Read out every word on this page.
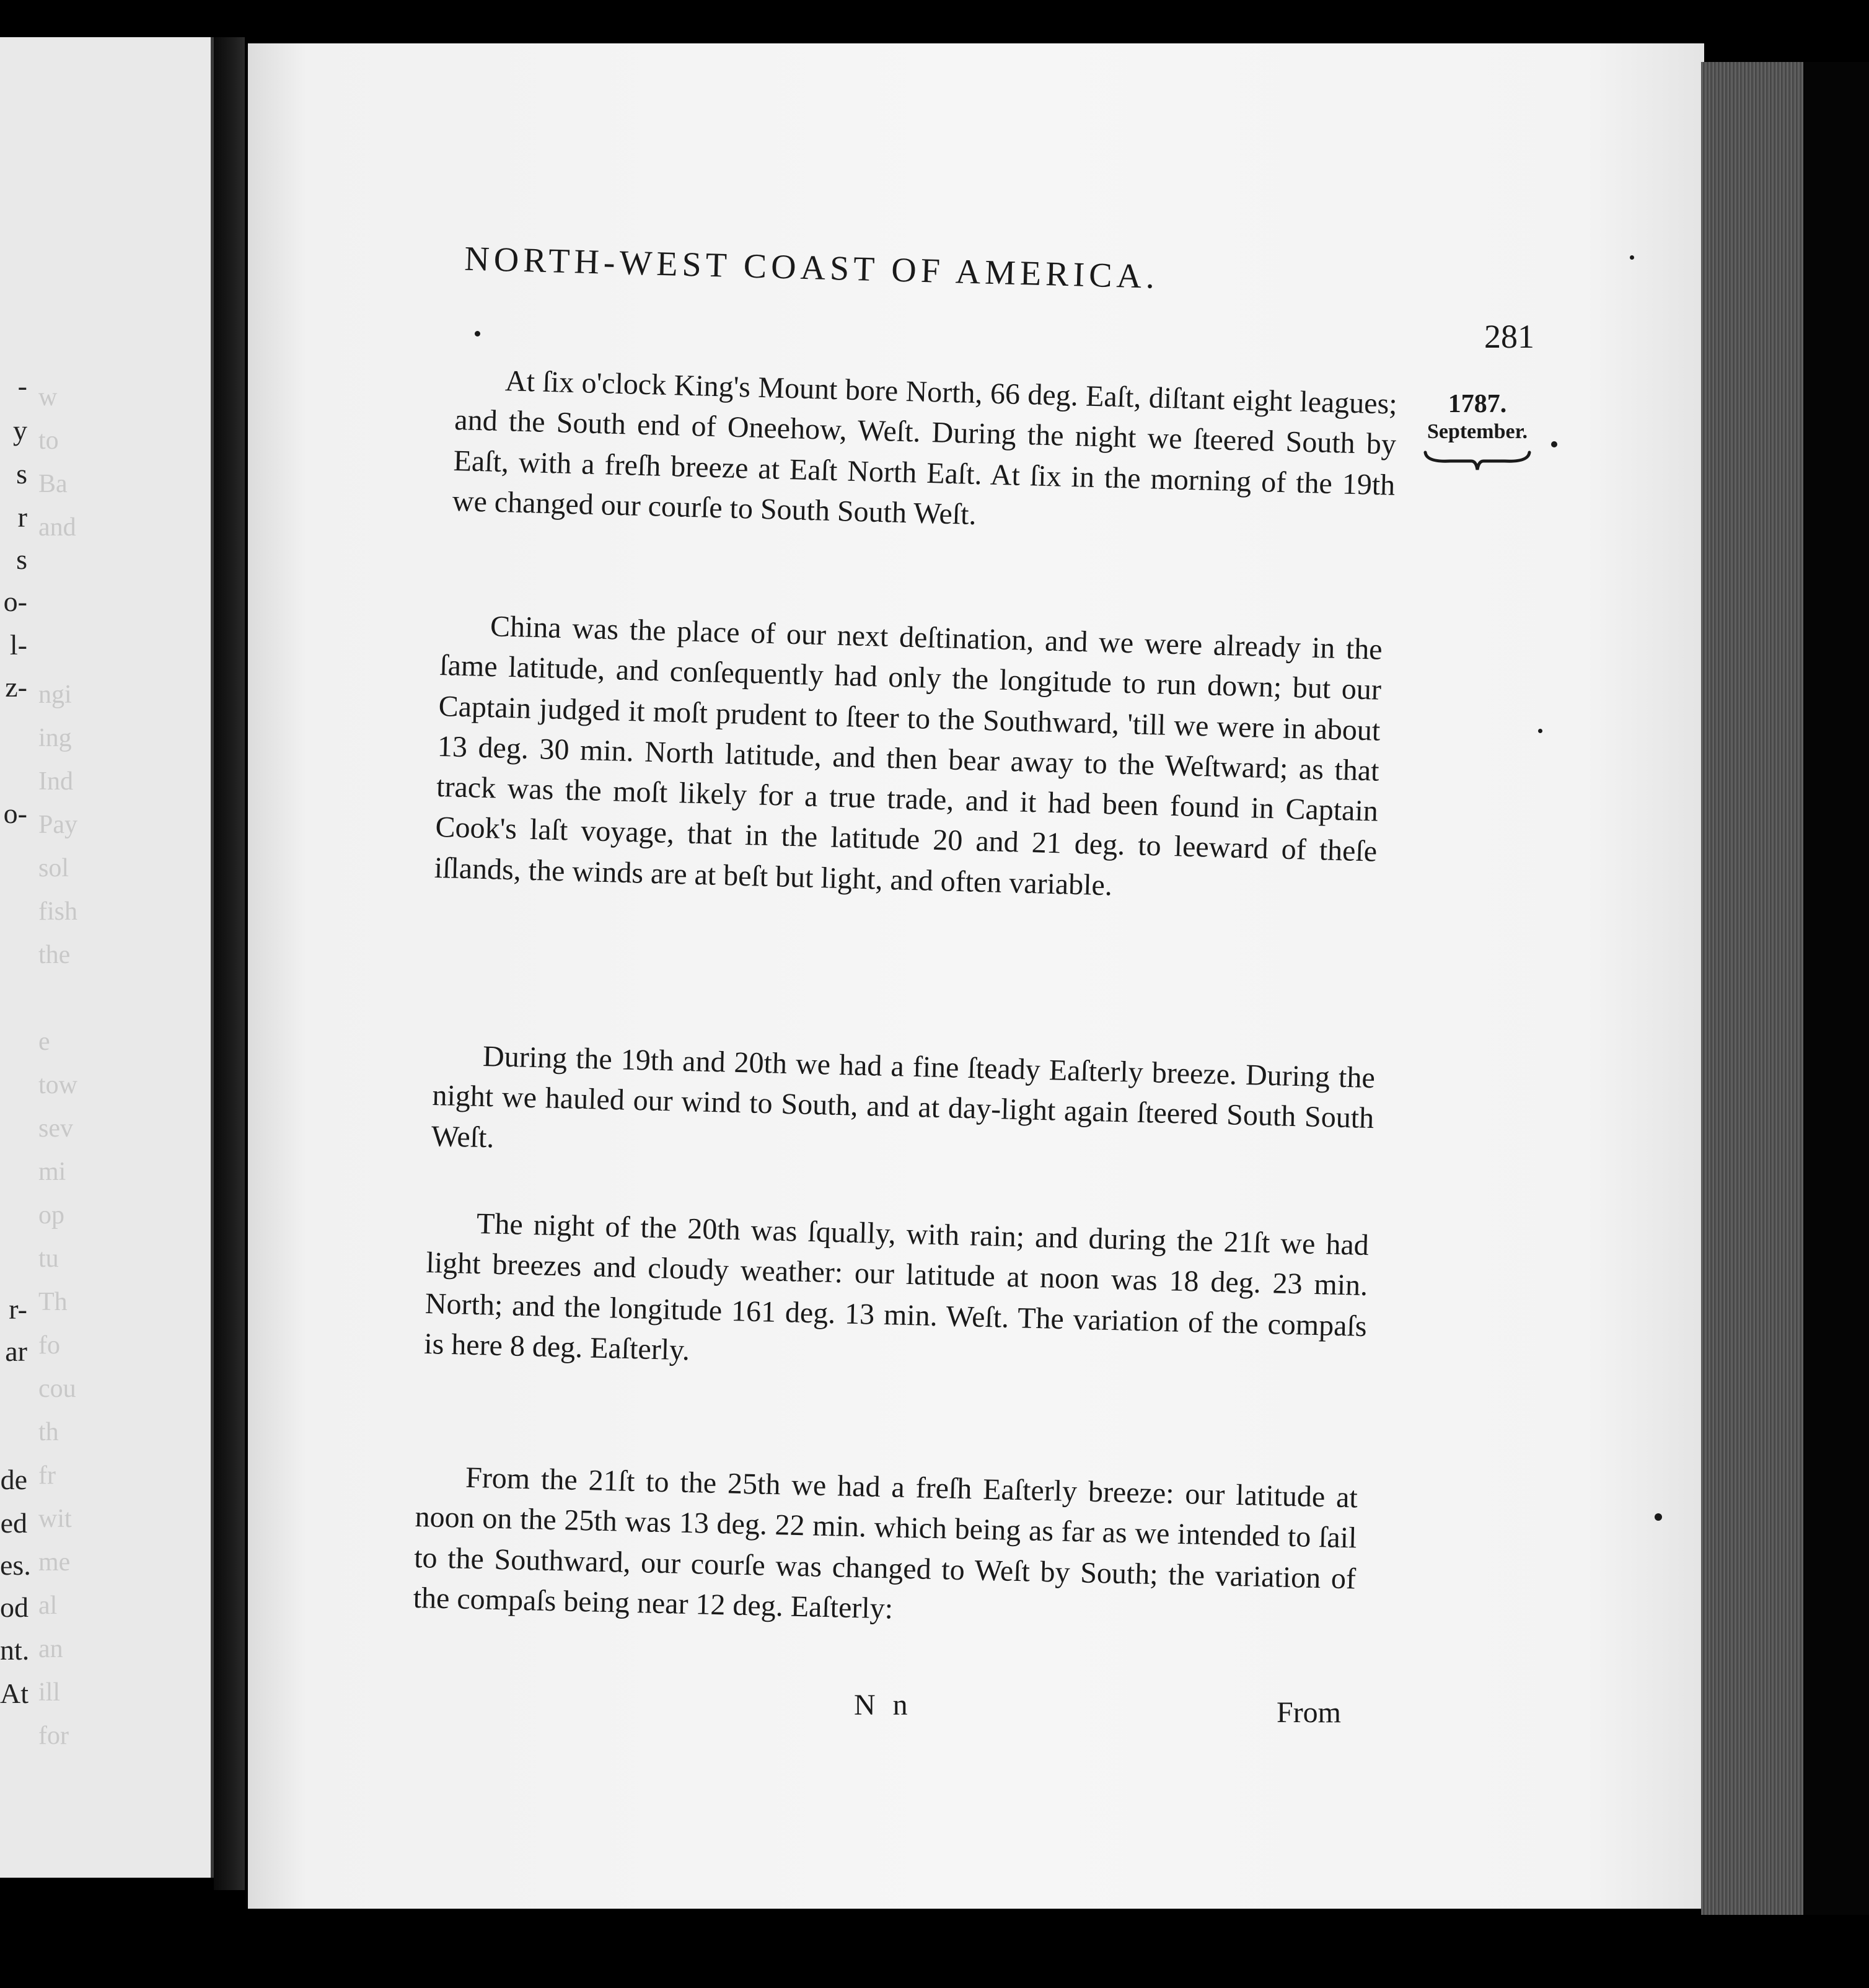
-
y
s
r
s
o-
l-
z-
o-
r-
ar
de
ed
es.
od
nt.
At
w
to
Ba
and
ngi
ing
Ind
Pay
sol
fish
the
e
tow
sev
mi
op
tu
Th
fo
cou
th
fr
wit
me
al
an
ill
for
NORTH-WEST COAST OF AMERICA.
281
1787.
September.

At ſix o'clock King's Mount bore North, 66 deg. Eaſt, diſtant eight leagues; and the South end of Oneehow, Weſt. During the night we ſteered South by Eaſt, with a freſh breeze at Eaſt North Eaſt. At ſix in the morning of the 19th we changed our courſe to South South Weſt.

China was the place of our next deſtination, and we were already in the ſame latitude, and conſequently had only the longitude to run down; but our Captain judged it moſt prudent to ſteer to the Southward, 'till we were in about 13 deg. 30 min. North latitude, and then bear away to the Weſtward; as that track was the moſt likely for a true trade, and it had been found in Captain Cook's laſt voyage, that in the latitude 20 and 21 deg. to leeward of theſe iſlands, the winds are at beſt but light, and often variable.

During the 19th and 20th we had a fine ſteady Eaſterly breeze. During the night we hauled our wind to South, and at day-light again ſteered South South Weſt.

The night of the 20th was ſqually, with rain; and during the 21ſt we had light breezes and cloudy weather: our latitude at noon was 18 deg. 23 min. North; and the longitude 161 deg. 13 min. Weſt. The variation of the compaſs is here 8 deg. Eaſterly.

From the 21ſt to the 25th we had a freſh Eaſterly breeze: our latitude at noon on the 25th was 13 deg. 22 min. which being as far as we intended to ſail to the Southward, our courſe was changed to Weſt by South; the variation of the compaſs being near 12 deg. Eaſterly:

N n	From
